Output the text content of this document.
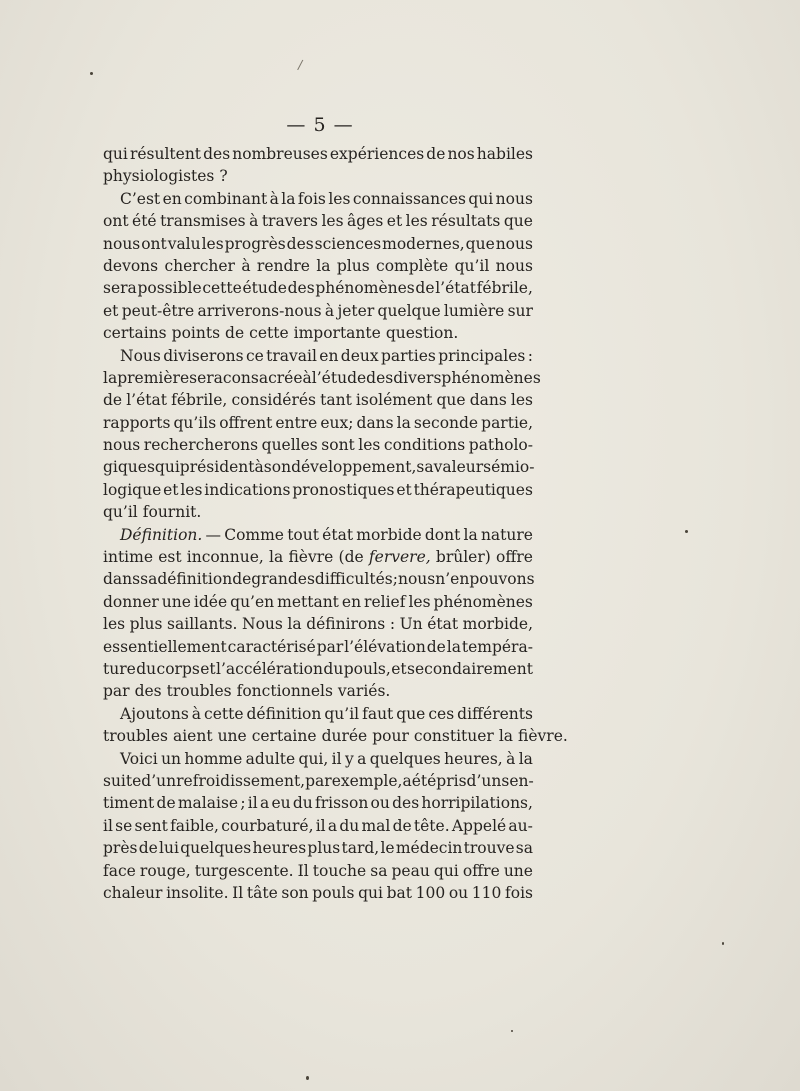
/
— 5 —
qui résultent des nombreuses expériences de nos habiles
physiologistes ?
C’est en combinant à la fois les connaissances qui nous
ont été transmises à travers les âges et les résultats que
nous ont valu les progrès des sciences modernes, que nous
devons chercher à rendre la plus complète qu’il nous
sera possible cette étude des phénomènes de l’état fébrile,
et peut-être arriverons-nous à jeter quelque lumière sur
certains points de cette importante question.
Nous diviserons ce travail en deux parties principales :
la première sera consacrée à l’étude des divers phénomènes
de l’état fébrile, considérés tant isolément que dans les
rapports qu’ils offrent entre eux; dans la seconde partie,
nous rechercherons quelles sont les conditions patholo-
giques qui président à son développement, sa valeur sémio-
logique et les indications pronostiques et thérapeutiques
qu’il fournit.
Définition. — Comme tout état morbide dont la nature
intime est inconnue, la fièvre (de fervere, brûler) offre
dans sa définition de grandes difficultés ; nous n’en pouvons
donner une idée qu’en mettant en relief les phénomènes
les plus saillants. Nous la définirons : Un état morbide,
essentiellement caractérisé par l’élévation de la tempéra-
ture du corps et l’accélération du pouls, et secondairement
par des troubles fonctionnels variés.
Ajoutons à cette définition qu’il faut que ces différents
troubles aient une certaine durée pour constituer la fièvre.
Voici un homme adulte qui, il y a quelques heures, à la
suite d’un refroidissement, par exemple, a été pris d’un sen-
timent de malaise ; il a eu du frisson ou des horripilations,
il se sent faible, courbaturé, il a du mal de tête. Appelé au-
près de lui quelques heures plus tard, le médecin trouve sa
face rouge, turgescente. Il touche sa peau qui offre une
chaleur insolite. Il tâte son pouls qui bat 100 ou 110 fois
